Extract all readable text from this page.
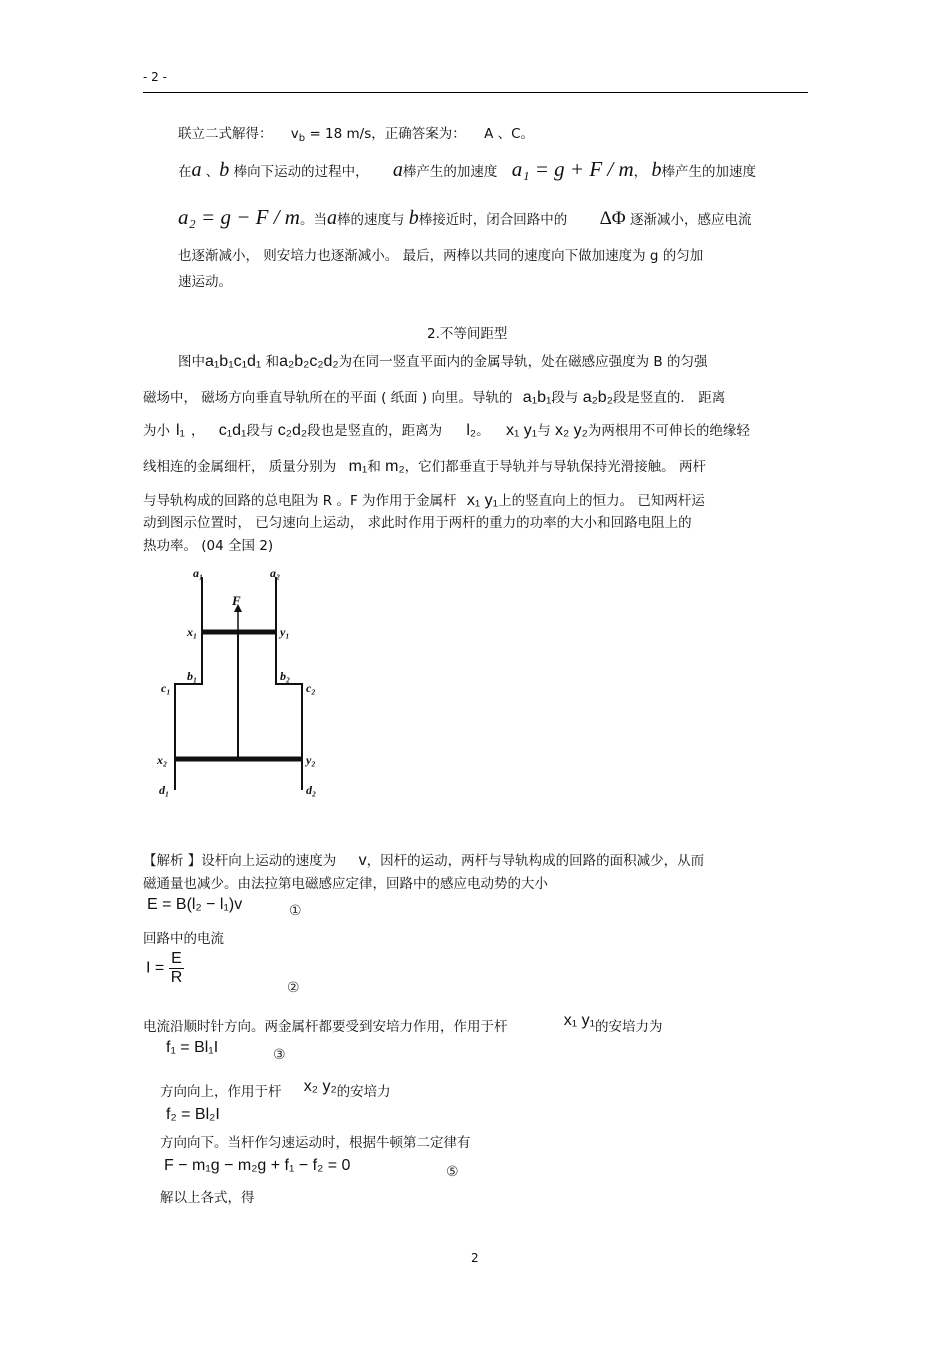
- 2 -
联立二式解得： $v_b = 18$ m/s，正确答案为： A 、C。
在a 、b 棒向下运动的过程中， a棒产生的加速度 a₁ = g + F / m， b棒产生的加速度
a₂ = g − F / m。当a棒的速度与 b棒接近时，闭合回路中的 ΔΦ 逐渐减小，感应电流
也逐渐减小， 则安培力也逐渐减小。 最后，两棒以共同的速度向下做加速度为 g 的匀加
速运动。
2.不等间距型
图中a₁b₁c₁d₁ 和a₂b₂c₂d₂为在同一竖直平面内的金属导轨，处在磁感应强度为 B 的匀强
磁场中， 磁场方向垂直导轨所在的平面 ( 纸面 ) 向里。导轨的 a₁b₁段与 a₂b₂段是竖直的． 距离
为小 l₁ ， c₁d₁段与 c₂d₂段也是竖直的，距离为 l₂。 x₁ y₁与 x₂ y₂为两根用不可伸长的绝缘轻
线相连的金属细杆， 质量分别为 m₁和 m₂，它们都垂直于导轨并与导轨保持光滑接触。 两杆
与导轨构成的回路的总电阻为 R 。F 为作用于金属杆 x₁ y₁上的竖直向上的恒力。 已知两杆运
动到图示位置时， 已匀速向上运动， 求此时作用于两杆的重力的功率的大小和回路电阻上的
热功率。 (04 全国 2)
a₁	a₂
F
x₁	y₁
b₁	b₂
c₁	c₂
x₂	y₂
d₁	d₂
【解析 】设杆向上运动的速度为 v，因杆的运动，两杆与导轨构成的回路的面积减少，从而
磁通量也减少。由法拉第电磁感应定律，回路中的感应电动势的大小
E = B(l₂ − l₁)v	①
回路中的电流
$I = \frac{E}{R}$
②
电流沿顺时针方向。两金属杆都要受到安培力作用，作用于杆	x₁ y₁的安培力为
f₁ = Bl₁I	③
方向向上，作用于杆 x₂ y₂的安培力
f₂ = Bl₂I
方向向下。当杆作匀速运动时，根据牛顿第二定律有
F − m₁g − m₂g + f₁ − f₂ = 0	⑤
解以上各式，得
2
